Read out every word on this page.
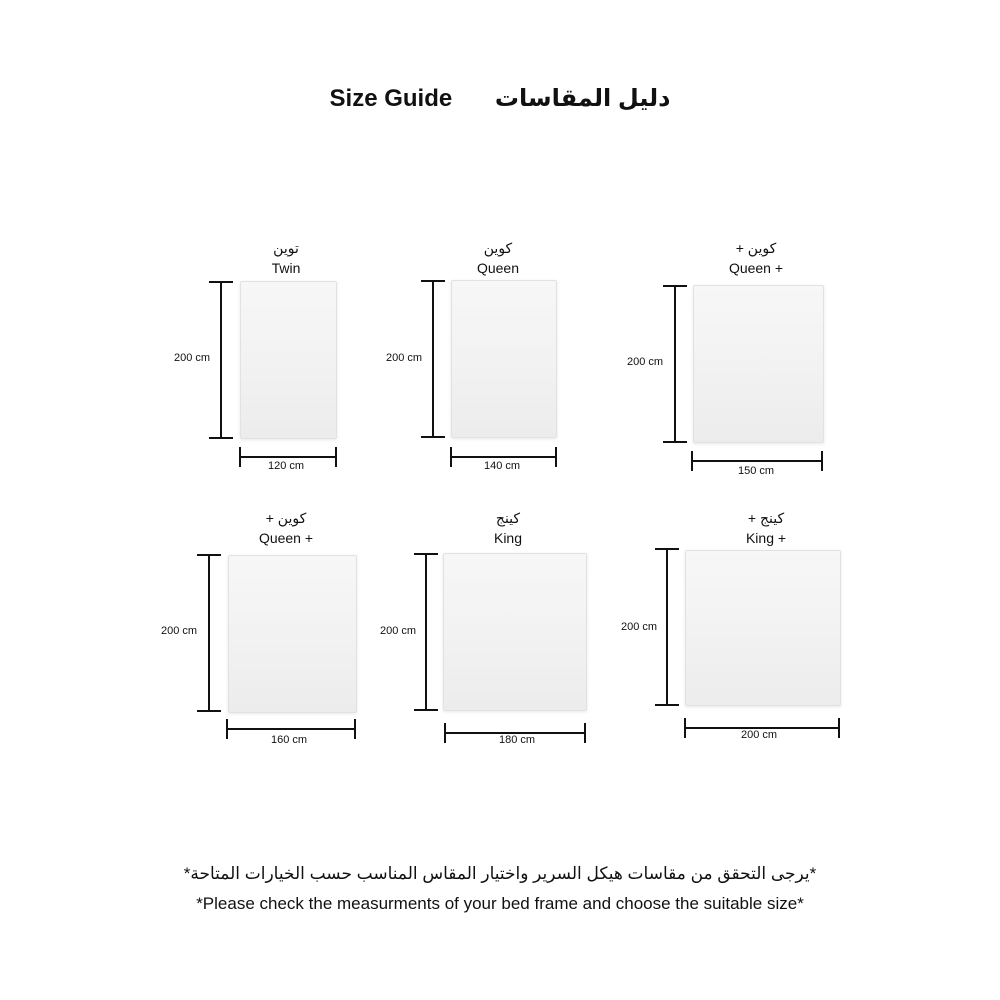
Size Guide دليل المقاسات
توين
Twin
200 cm
120 cm
كوين
Queen
200 cm
140 cm
كوين +
Queen +
200 cm
150 cm
كوين +
Queen +
200 cm
160 cm
كينج
King
200 cm
180 cm
كينج +
King +
200 cm
200 cm
*يرجى التحقق من مقاسات هيكل السرير واختيار المقاس المناسب حسب الخيارات المتاحة*
*Please check the measurments of your bed frame and choose the suitable size*
